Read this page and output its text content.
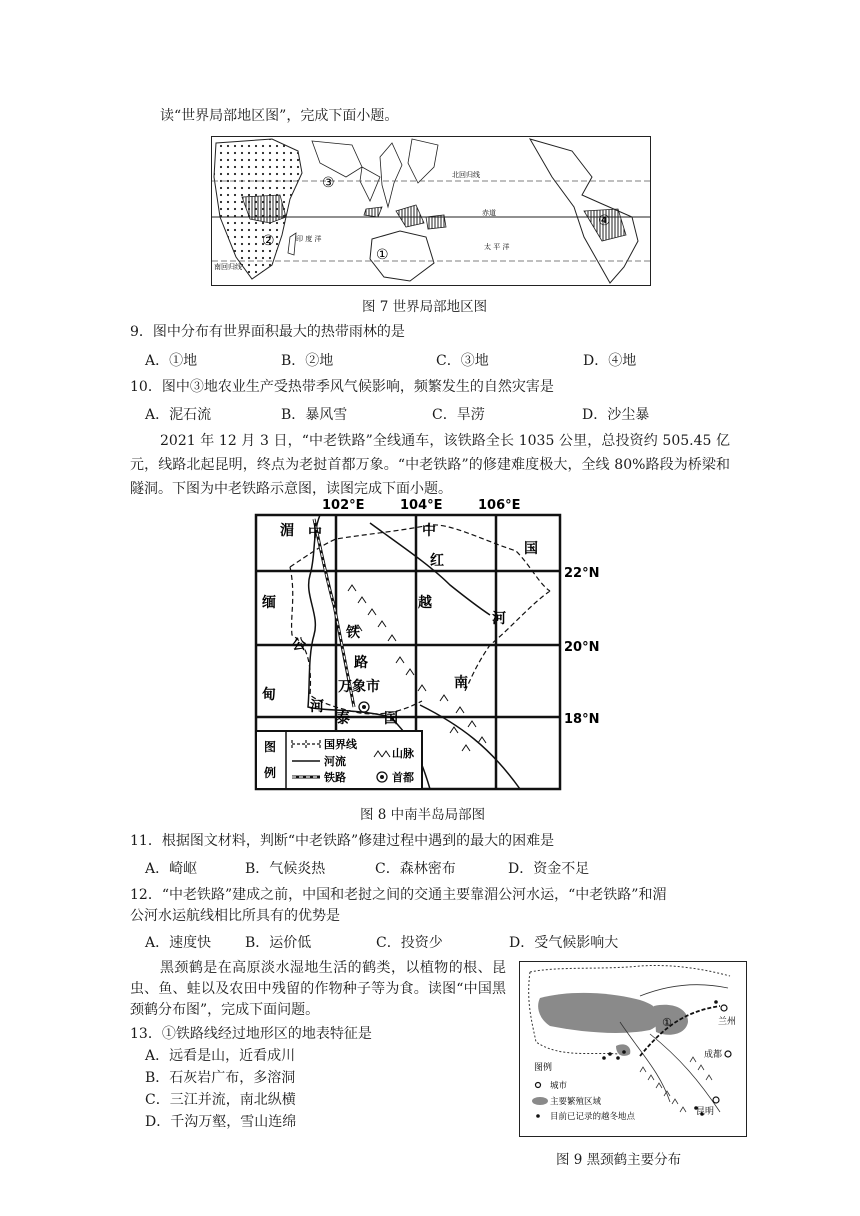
读“世界局部地区图”，完成下面小题。
北回归线
赤道
南回归线
印 度 洋
太 平 洋
①
②
③
④
图 7 世界局部地区图
9．图中分布有世界面积最大的热带雨林的是
A．①地	B．②地	C．③地	D．④地
10．图中③地农业生产受热带季风气候影响，频繁发生的自然灾害是
A．泥石流	B．暴风雪	C．旱涝	D．沙尘暴
2021 年 12 月 3 日，“中老铁路”全线通车，该铁路全长 1035 公里，总投资约 505.45 亿元，线路北起昆明，终点为老挝首都万象。“中老铁路”的修建难度极大，全线 80%路段为桥梁和隧洞。下图为中老铁路示意图，读图完成下面小题。
102°E	104°E	106°E
22°N
20°N
18°N
湄 中	中
国
红
河
缅	越
铁
公
路
甸
南
万象市
河
泰 国
图
例
国界线
河流
铁路
山脉
首都
图 8 中南半岛局部图
11．根据图文材料，判断“中老铁路”修建过程中遇到的最大的困难是
A．崎岖	B．气候炎热	C．森林密布	D．资金不足
12．“中老铁路”建成之前，中国和老挝之间的交通主要靠湄公河水运，“中老铁路”和湄
公河水运航线相比所具有的优势是
A．速度快	B．运价低	C．投资少	D．受气候影响大
黑颈鹤是在高原淡水湿地生活的鹤类，以植物的根、昆虫、鱼、蛙以及农田中残留的作物种子等为食。读图“中国黑颈鹤分布图”，完成下面问题。
13．①铁路线经过地形区的地表特征是
A．远看是山，近看成川
B．石灰岩广布，多溶洞
C．三江并流，南北纵横
D．千沟万壑，雪山连绵
①	兰州
成都
昆明
图例
城市
主要繁殖区域
目前已记录的越冬地点
图 9 黑颈鹤主要分布
